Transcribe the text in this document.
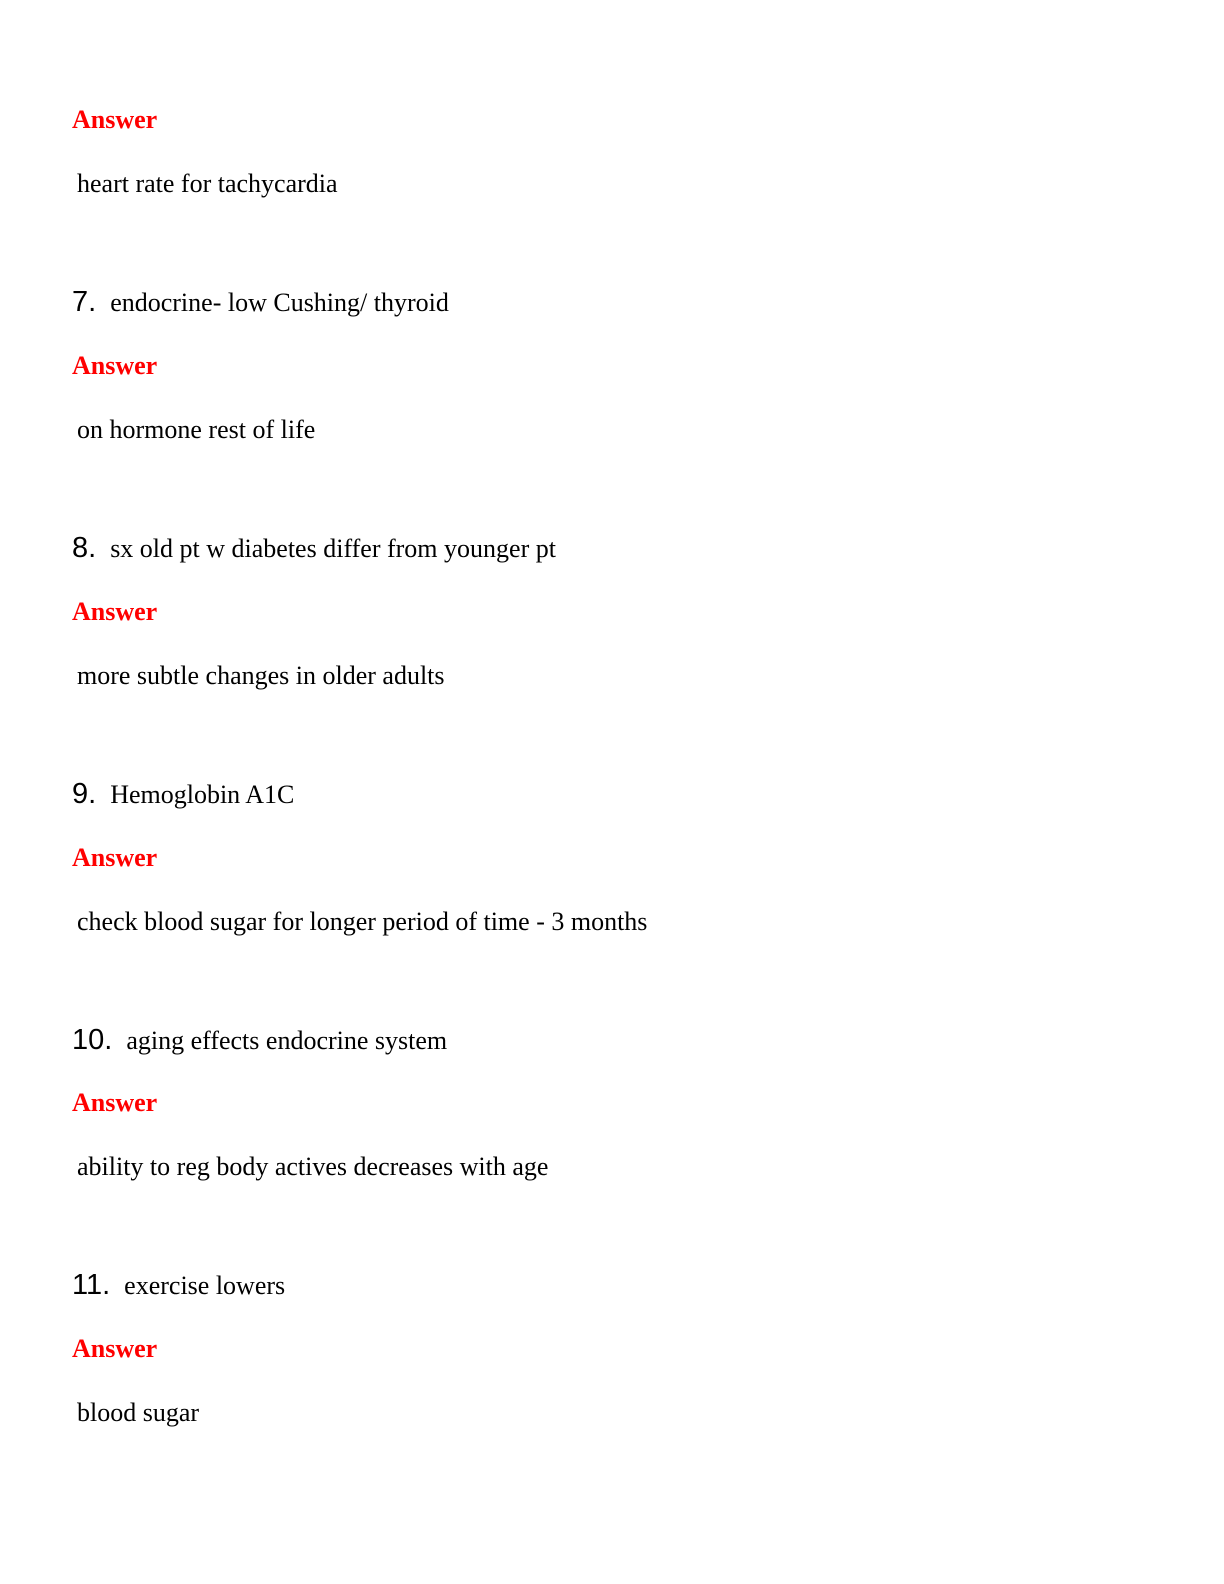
Answer
heart rate for tachycardia
7. endocrine- low Cushing/ thyroid
Answer
on hormone rest of life
8. sx old pt w diabetes differ from younger pt
Answer
more subtle changes in older adults
9. Hemoglobin A1C
Answer
check blood sugar for longer period of time - 3 months
10. aging effects endocrine system
Answer
ability to reg body actives decreases with age
11. exercise lowers
Answer
blood sugar
